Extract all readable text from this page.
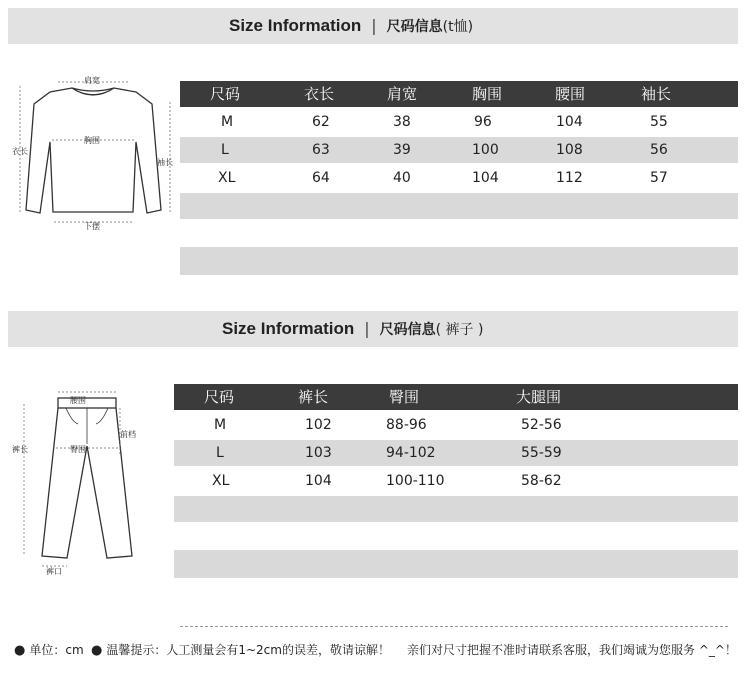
Size Information | 尺码信息(t恤)
肩宽
衣长
胸围
袖长
下摆
尺码	衣长	肩宽	胸围	腰围	袖长
M	62	38	96	104	55
L	63	39	100	108	56
XL	64	40	104	112	57
Size Information | 尺码信息( 裤子 )
腰围
裤长
前档
臀围
裤口
尺码	裤长	臀围	大腿围
M	102	88-96	52-56
L	103	94-102	55-59
XL	104	100-110	58-62
● 单位：cm ● 温馨提示：人工测量会有1~2cm的误差，敬请谅解！ 亲们对尺寸把握不准时请联系客服，我们竭诚为您服务 ^_^！
